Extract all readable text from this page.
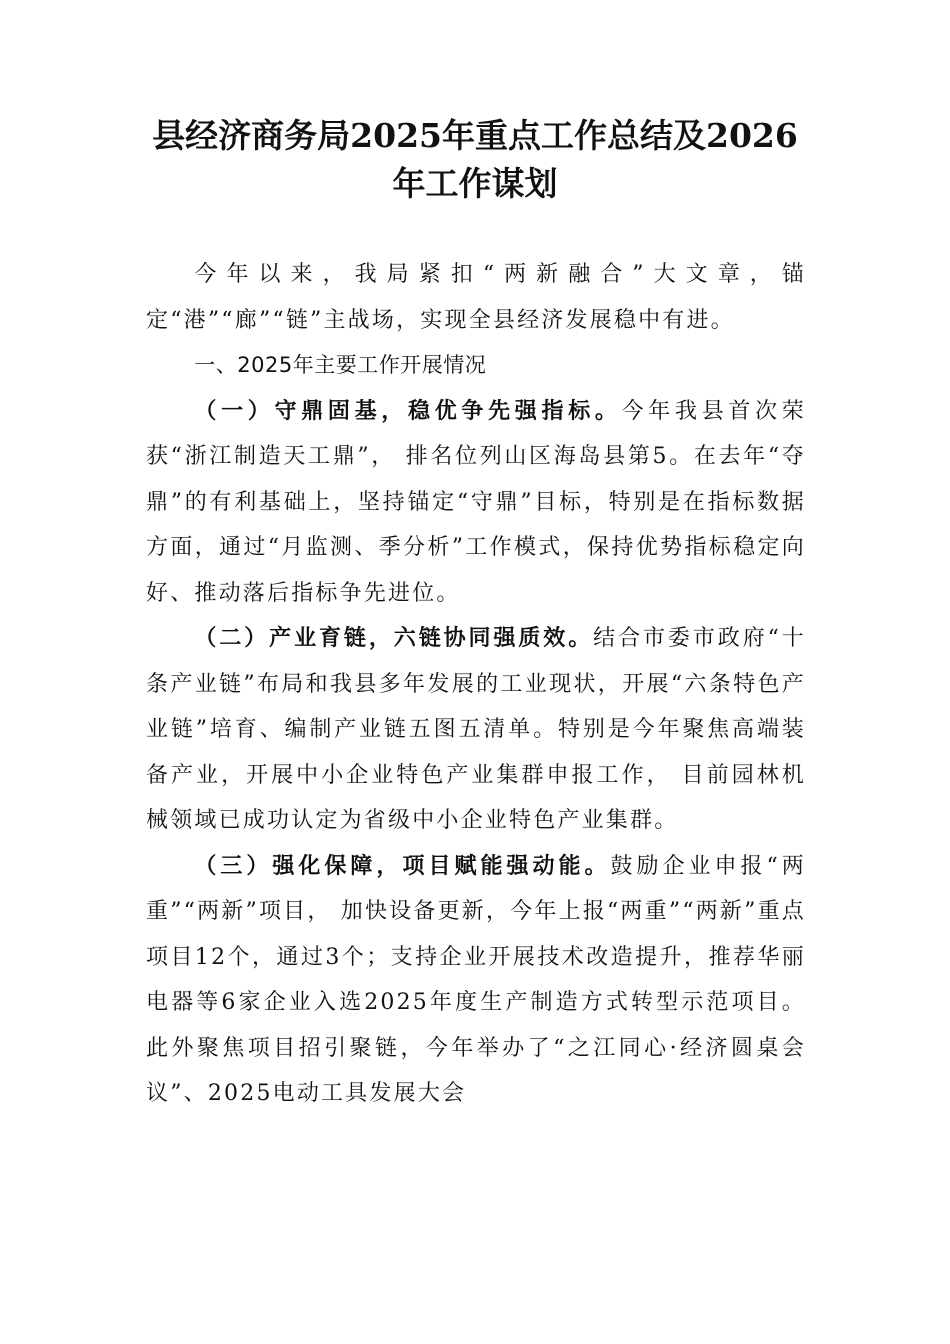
县经济商务局2025年重点工作总结及2026年工作谋划

今年以来，我局紧扣“两新融合”大文章，锚定“港”“廊”“链”主战场，实现全县经济发展稳中有进。

一、2025年主要工作开展情况

（一）守鼎固基，稳优争先强指标。今年我县首次荣获“浙江制造天工鼎”， 排名位列山区海岛县第5。在去年“夺鼎”的有利基础上，坚持锚定“守鼎”目标，特别是在指标数据方面，通过“月监测、季分析”工作模式，保持优势指标稳定向好、推动落后指标争先进位。

（二）产业育链，六链协同强质效。结合市委市政府“十条产业链”布局和我县多年发展的工业现状，开展“六条特色产业链”培育、编制产业链五图五清单。特别是今年聚焦高端装备产业，开展中小企业特色产业集群申报工作， 目前园林机械领域已成功认定为省级中小企业特色产业集群。

（三）强化保障，项目赋能强动能。鼓励企业申报“两重”“两新”项目， 加快设备更新，今年上报“两重”“两新”重点项目12个，通过3个；支持企业开展技术改造提升，推荐华丽电器等6家企业入选2025年度生产制造方式转型示范项目。此外聚焦项目招引聚链，今年举办了“之江同心·经济圆桌会议”、2025电动工具发展大会
